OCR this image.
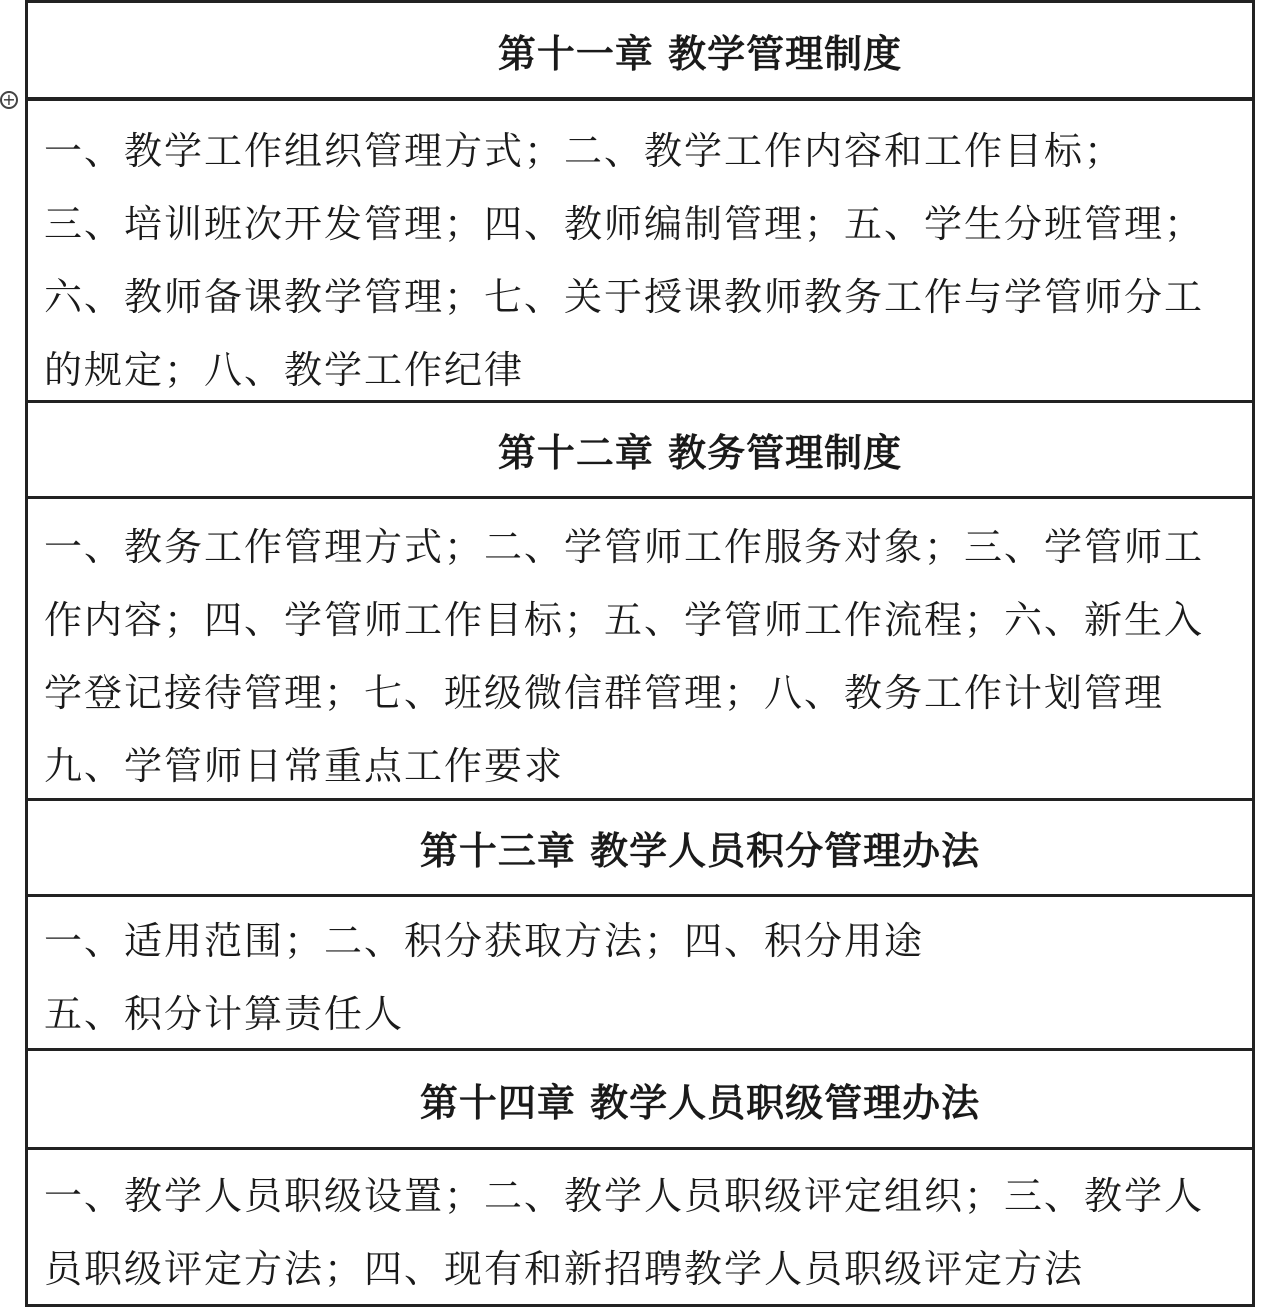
+
第十一章 教学管理制度
一、教学工作组织管理方式；二、教学工作内容和工作目标；
三、培训班次开发管理；四、教师编制管理；五、学生分班管理；
六、教师备课教学管理；七、关于授课教师教务工作与学管师分工
的规定；八、教学工作纪律
第十二章 教务管理制度
一、教务工作管理方式；二、学管师工作服务对象；三、学管师工
作内容；四、学管师工作目标；五、学管师工作流程；六、新生入
学登记接待管理；七、班级微信群管理；八、教务工作计划管理
九、学管师日常重点工作要求
第十三章 教学人员积分管理办法
一、适用范围；二、积分获取方法；四、积分用途
五、积分计算责任人
第十四章 教学人员职级管理办法
一、教学人员职级设置；二、教学人员职级评定组织；三、教学人
员职级评定方法；四、现有和新招聘教学人员职级评定方法
